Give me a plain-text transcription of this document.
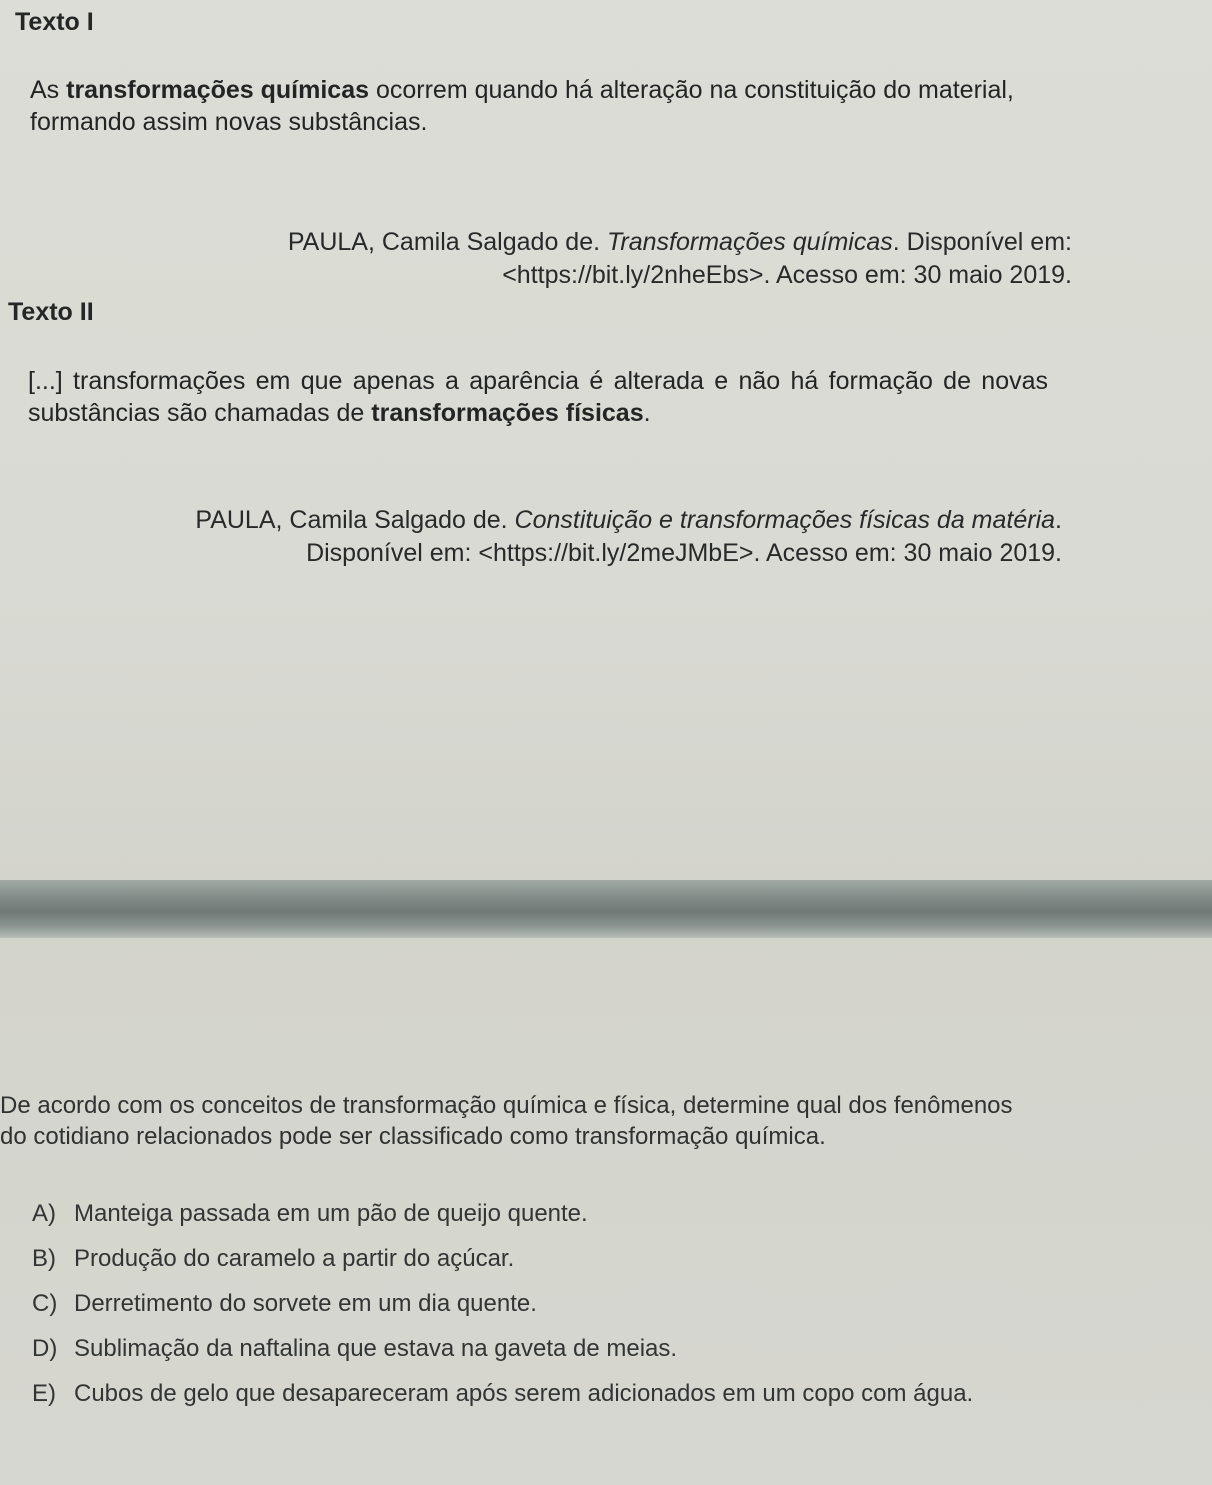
Texto I
As transformações químicas ocorrem quando há alteração na constituição do material, formando assim novas substâncias.
PAULA, Camila Salgado de. Transformações químicas. Disponível em:
<https://bit.ly/2nheEbs>. Acesso em: 30 maio 2019.
Texto II
[...] transformações em que apenas a aparência é alterada e não há formação de novas substâncias são chamadas de transformações físicas.
PAULA, Camila Salgado de. Constituição e transformações físicas da matéria.
Disponível em: <https://bit.ly/2meJMbE>. Acesso em: 30 maio 2019.
De acordo com os conceitos de transformação química e física, determine qual dos fenômenos do cotidiano relacionados pode ser classificado como transformação química.
A) Manteiga passada em um pão de queijo quente.
B) Produção do caramelo a partir do açúcar.
C) Derretimento do sorvete em um dia quente.
D) Sublimação da naftalina que estava na gaveta de meias.
E) Cubos de gelo que desapareceram após serem adicionados em um copo com água.
